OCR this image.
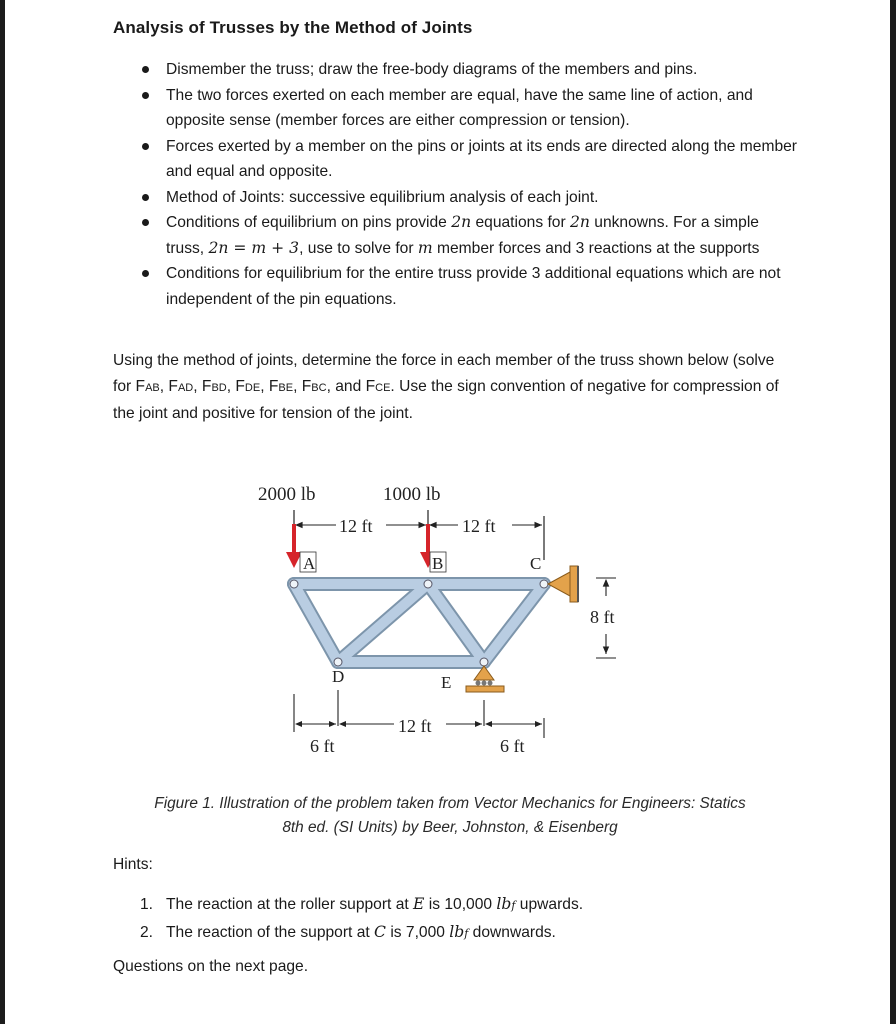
Analysis of Trusses by the Method of Joints
Dismember the truss; draw the free-body diagrams of the members and pins.
The two forces exerted on each member are equal, have the same line of action, and opposite sense (member forces are either compression or tension).
Forces exerted by a member on the pins or joints at its ends are directed along the member and equal and opposite.
Method of Joints: successive equilibrium analysis of each joint.
Conditions of equilibrium on pins provide 2n equations for 2n unknowns. For a simple truss, 2n = m + 3, use to solve for m member forces and 3 reactions at the supports
Conditions for equilibrium for the entire truss provide 3 additional equations which are not independent of the pin equations.

Using the method of joints, determine the force in each member of the truss shown below (solve for FAB, FAD, FBD, FDE, FBE, FBC, and FCE. Use the sign convention of negative for compression of the joint and positive for tension of the joint.

2000 lb	1000 lb
12 ft	12 ft
A	B	C
D	E
8 ft
6 ft
12 ft
6 ft
Figure 1. Illustration of the problem taken from Vector Mechanics for Engineers: Statics
8th ed. (SI Units) by Beer, Johnston, & Eisenberg
Hints:
1. The reaction at the roller support at E is 10,000 lbf upwards.
2. The reaction of the support at C is 7,000 lbf downwards.
Questions on the next page.
